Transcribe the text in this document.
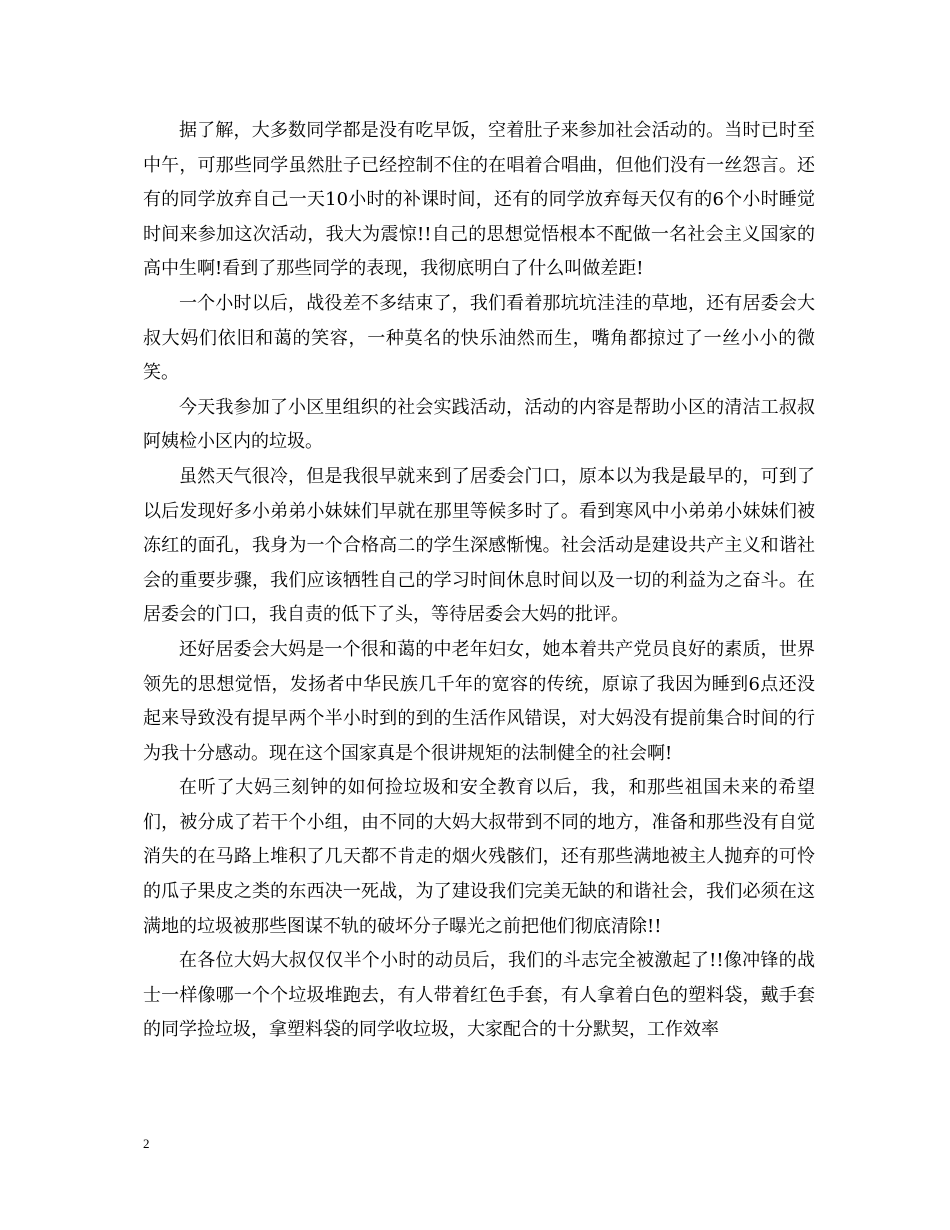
据了解，大多数同学都是没有吃早饭，空着肚子来参加社会活动的。当时已时至中午，可那些同学虽然肚子已经控制不住的在唱着合唱曲，但他们没有一丝怨言。还有的同学放弃自己一天10小时的补课时间，还有的同学放弃每天仅有的6个小时睡觉时间来参加这次活动，我大为震惊!!自己的思想觉悟根本不配做一名社会主义国家的高中生啊!看到了那些同学的表现，我彻底明白了什么叫做差距!

一个小时以后，战役差不多结束了，我们看着那坑坑洼洼的草地，还有居委会大叔大妈们依旧和蔼的笑容，一种莫名的快乐油然而生，嘴角都掠过了一丝小小的微笑。

今天我参加了小区里组织的社会实践活动，活动的内容是帮助小区的清洁工叔叔阿姨检小区内的垃圾。

虽然天气很冷，但是我很早就来到了居委会门口，原本以为我是最早的，可到了以后发现好多小弟弟小妹妹们早就在那里等候多时了。看到寒风中小弟弟小妹妹们被冻红的面孔，我身为一个合格高二的学生深感惭愧。社会活动是建设共产主义和谐社会的重要步骤，我们应该牺牲自己的学习时间休息时间以及一切的利益为之奋斗。在居委会的门口，我自责的低下了头，等待居委会大妈的批评。

还好居委会大妈是一个很和蔼的中老年妇女，她本着共产党员良好的素质，世界领先的思想觉悟，发扬者中华民族几千年的宽容的传统，原谅了我因为睡到6点还没起来导致没有提早两个半小时到的到的生活作风错误，对大妈没有提前集合时间的行为我十分感动。现在这个国家真是个很讲规矩的法制健全的社会啊!

在听了大妈三刻钟的如何捡垃圾和安全教育以后，我，和那些祖国未来的希望们，被分成了若干个小组，由不同的大妈大叔带到不同的地方，准备和那些没有自觉消失的在马路上堆积了几天都不肯走的烟火残骸们，还有那些满地被主人抛弃的可怜的瓜子果皮之类的东西决一死战，为了建设我们完美无缺的和谐社会，我们必须在这满地的垃圾被那些图谋不轨的破坏分子曝光之前把他们彻底清除!!

在各位大妈大叔仅仅半个小时的动员后，我们的斗志完全被激起了!!像冲锋的战士一样像哪一个个垃圾堆跑去，有人带着红色手套，有人拿着白色的塑料袋，戴手套的同学捡垃圾，拿塑料袋的同学收垃圾，大家配合的十分默契，工作效率

2
